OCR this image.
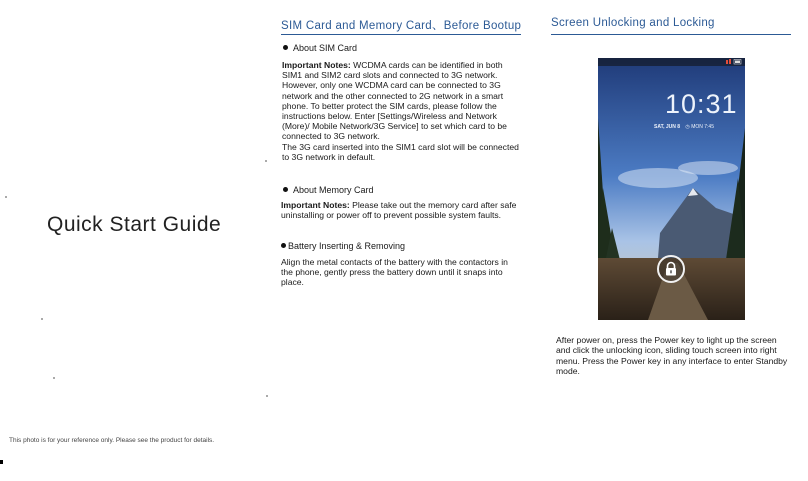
Quick Start Guide
This photo is for your reference only. Please see the product for details.
SIM Card and Memory Card、Before Bootup
About SIM Card
Important Notes: WCDMA cards can be identified in both SIM1 and SIM2 card slots and connected to 3G network. However, only one WCDMA card can be connected to 3G network and the other connected to 2G network in a smart phone. To better protect the SIM cards, please follow the instructions below. Enter [Settings/Wireless and Network (More)/ Mobile Network/3G Service] to set which card to be connected to 3G network.
The 3G card inserted into the SIM1 card slot will be connected to 3G network in default.
About Memory Card
Important Notes: Please take out the memory card after safe uninstalling or power off to prevent possible system faults.
Battery Inserting & Removing
Align the metal contacts of the battery with the contactors in the phone, gently press the battery down until it snaps into place.
Screen Unlocking and Locking
10:31
SAT, JUN 8 ◷ MON 7:45
After power on, press the Power key to light up the screen and click the unlocking icon, sliding touch screen into right menu. Press the Power key in any interface to enter Standby mode.
